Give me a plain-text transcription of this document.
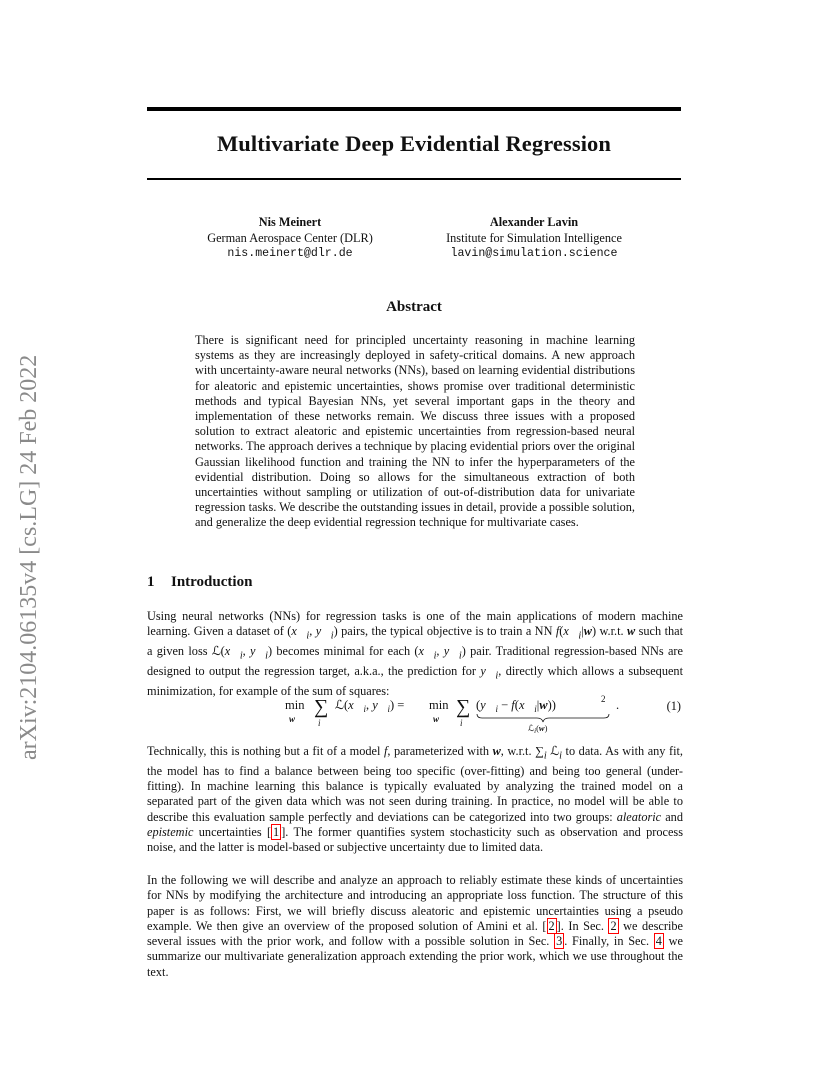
arXiv:2104.06135v4 [cs.LG] 24 Feb 2022
Multivariate Deep Evidential Regression
Nis Meinert
German Aerospace Center (DLR)
nis.meinert@dlr.de
Alexander Lavin
Institute for Simulation Intelligence
lavin@simulation.science
Abstract
There is significant need for principled uncertainty reasoning in machine learning systems as they are increasingly deployed in safety-critical domains. A new approach with uncertainty-aware neural networks (NNs), based on learning evidential distributions for aleatoric and epistemic uncertainties, shows promise over traditional deterministic methods and typical Bayesian NNs, yet several important gaps in the theory and implementation of these networks remain. We discuss three issues with a proposed solution to extract aleatoric and epistemic uncertainties from regression-based neural networks. The approach derives a technique by placing evidential priors over the original Gaussian likelihood function and training the NN to infer the hyperparameters of the evidential distribution. Doing so allows for the simultaneous extraction of both uncertainties without sampling or utilization of out-of-distribution data for univariate regression tasks. We describe the outstanding issues in detail, provide a possible solution, and generalize the deep evidential regression technique for multivariate cases.
1 Introduction
Using neural networks (NNs) for regression tasks is one of the main applications of modern machine learning. Given a dataset of ($x⃗_i$, $y⃗_i$) pairs, the typical objective is to train a NN $f(x⃗_i|w)$ w.r.t. w such that a given loss $ℒ(x⃗_i$, $y⃗_i$) becomes minimal for each ($x⃗_i$, $y⃗_i$) pair. Traditional regression-based NNs are designed to output the regression target, a.k.a., the prediction for $y⃗_i$, directly which allows a subsequent minimization, for example of the sum of squares:
min
w
∑
i
$ℒ(x⃗_i$, $y⃗_i) = \min$
w
∑
i
($y⃗_i$ − $f(x⃗_i|w)$)	2
ℒ$_i$(w)
.	(1)
Technically, this is nothing but a fit of a model f, parameterized with w, w.r.t. $\sum_i$ ℒ$_i$ to data. As with any fit, the model has to find a balance between being too specific (over-fitting) and being too general (under-fitting). In machine learning this balance is typically evaluated by analyzing the trained model on a separated part of the given data which was not seen during training. In practice, no model will be able to describe this evaluation sample perfectly and deviations can be categorized into two groups: aleatoric and epistemic uncertainties [ 1 ]. The former quantifies system stochasticity such as observation and process noise, and the latter is model-based or subjective uncertainty due to limited data.
In the following we will describe and analyze an approach to reliably estimate these kinds of uncertainties for NNs by modifying the architecture and introducing an appropriate loss function. The structure of this paper is as follows: First, we will briefly discuss aleatoric and epistemic uncertainties using a pseudo example. We then give an overview of the proposed solution of Amini et al. [ 2 ]. In Sec. 2 we describe several issues with the prior work, and follow with a possible solution in Sec. 3 . Finally, in Sec. 4 we summarize our multivariate generalization approach extending the prior work, which we use throughout the text.
